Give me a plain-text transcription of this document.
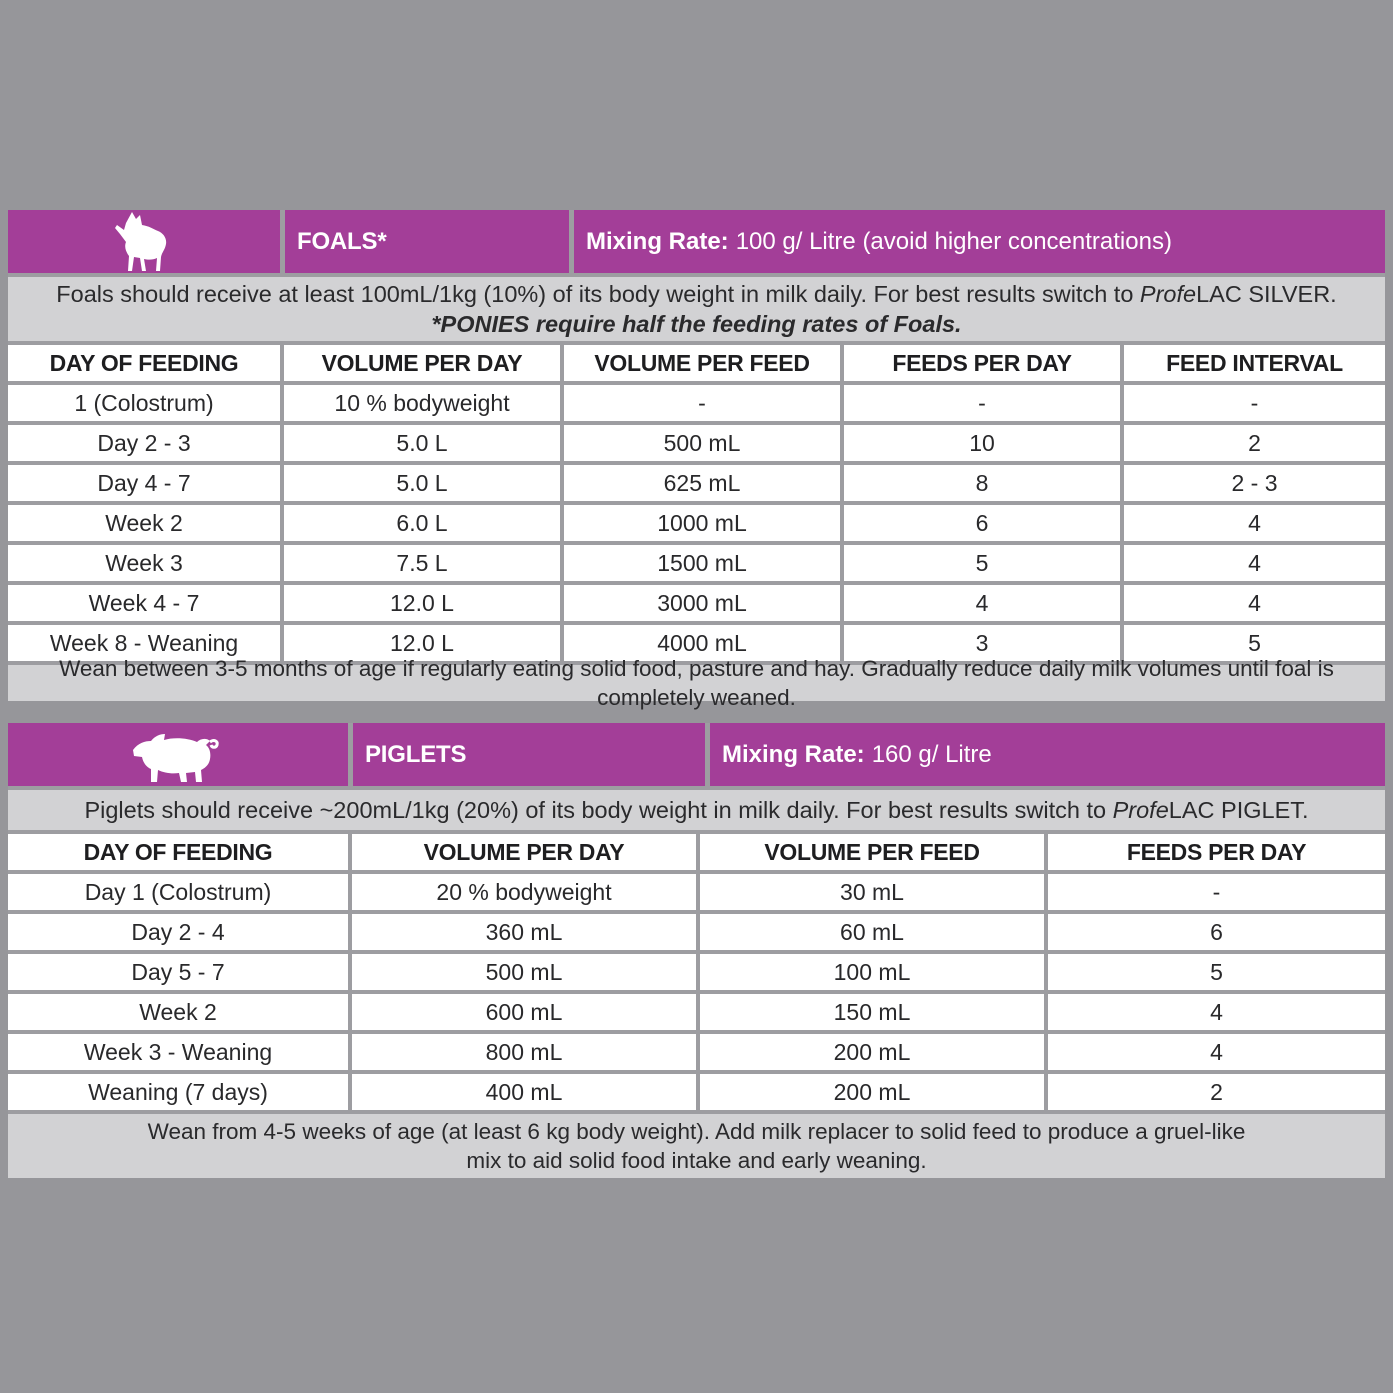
FOALS*	Mixing Rate: 100 g/ Litre (avoid higher concentrations)
Foals should receive at least 100mL/1kg (10%) of its body weight in milk daily. For best results switch to ProfeLAC SILVER.
*PONIES require half the feeding rates of Foals.
DAY OF FEEDING	VOLUME PER DAY	VOLUME PER FEED	FEEDS PER DAY	FEED INTERVAL
1 (Colostrum)	10 % bodyweight	-	-	-
Day 2 - 3	5.0 L	500 mL	10	2
Day 4 - 7	5.0 L	625 mL	8	2 - 3
Week 2	6.0 L	1000 mL	6	4
Week 3	7.5 L	1500 mL	5	4
Week 4 - 7	12.0 L	3000 mL	4	4
Week 8 - Weaning	12.0 L	4000 mL	3	5
Wean between 3-5 months of age if regularly eating solid food, pasture and hay. Gradually reduce daily milk volumes until foal is completely weaned.
PIGLETS	Mixing Rate: 160 g/ Litre
Piglets should receive ~200mL/1kg (20%) of its body weight in milk daily. For best results switch to ProfeLAC PIGLET.
DAY OF FEEDING	VOLUME PER DAY	VOLUME PER FEED	FEEDS PER DAY
Day 1 (Colostrum)	20 % bodyweight	30 mL	-
Day 2 - 4	360 mL	60 mL	6
Day 5 - 7	500 mL	100 mL	5
Week 2	600 mL	150 mL	4
Week 3 - Weaning	800 mL	200 mL	4
Weaning (7 days)	400 mL	200 mL	2
Wean from 4-5 weeks of age (at least 6 kg body weight). Add milk replacer to solid feed to produce a gruel-like
mix to aid solid food intake and early weaning.
